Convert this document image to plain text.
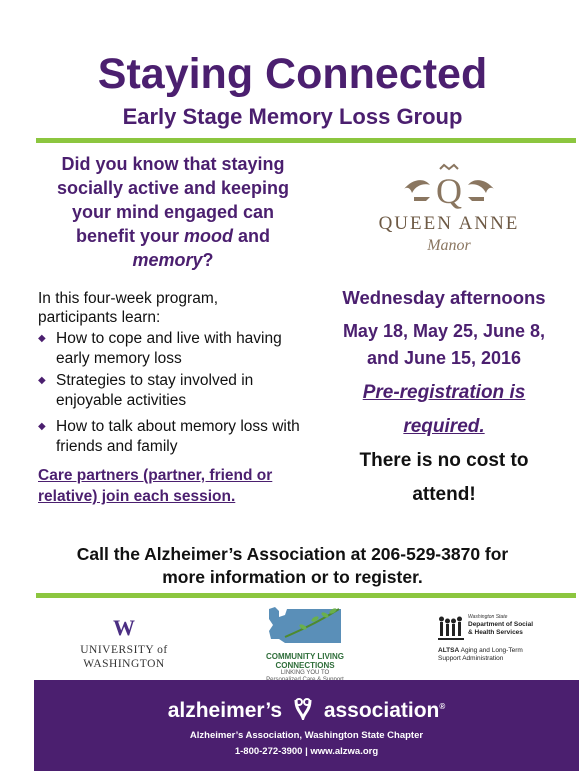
Staying Connected
Early Stage Memory Loss Group
Did you know that staying
socially active and keeping
your mind engaged can
benefit your mood and
memory?
Q
QUEEN ANNE
Manor
In this four-week program, participants learn:
◆ How to cope and live with having early memory loss
◆ Strategies to stay involved in enjoyable activities
◆ How to talk about memory loss with friends and family
Care partners (partner, friend or relative) join each session.
Wednesday afternoons
May 18, May 25, June 8,
and June 15, 2016
Pre-registration is
required.
There is no cost to
attend!
Call the Alzheimer’s Association at 206-529-3870 for
more information or to register.
W
UNIVERSITY of
WASHINGTON
COMMUNITY LIVING
CONNECTIONS
LINKING YOU TO
Washington State
Department of Social
& Health Services
ALTSA Aging and Long-Term
Support Administration
alzheimer’s association®
Alzheimer’s Association, Washington State Chapter
1-800-272-3900 | www.alzwa.org
